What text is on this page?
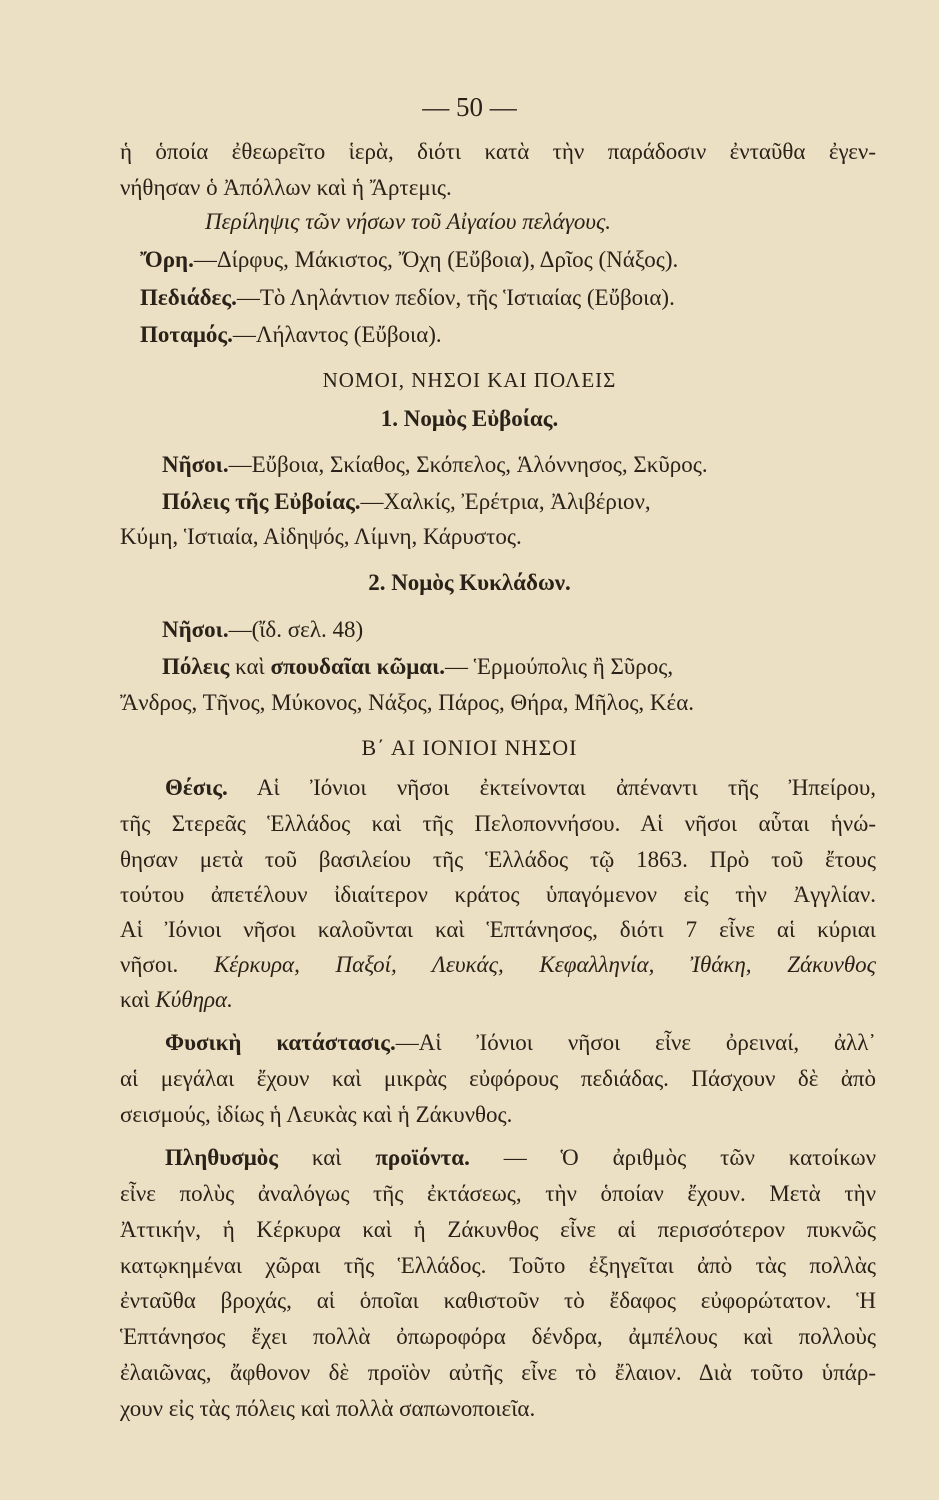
— 50 —
ἡ ὁποία ἐθεωρεῖτο ἱερὰ, διότι κατὰ τὴν παράδοσιν ἐνταῦθα ἐγεν-
νήθησαν ὁ Ἀπόλλων καὶ ἡ Ἄρτεμις.
Περίληψις τῶν νήσων τοῦ Αἰγαίου πελάγους.
Ὄρη.—Δίρφυς, Μάκιστος, Ὄχη (Εὔβοια), Δρῖος (Νάξος).
Πεδιάδες.—Τὸ Ληλάντιον πεδίον, τῆς Ἱστιαίας (Εὔβοια).
Ποταμός.—Λήλαντος (Εὔβοια).
ΝΟΜΟΙ, ΝΗΣΟΙ ΚΑΙ ΠΟΛΕΙΣ
1. Νομὸς Εὐβοίας.
Νῆσοι.—Εὔβοια, Σκίαθος, Σκόπελος, Ἁλόννησος, Σκῦρος.
Πόλεις τῆς Εὐβοίας.—Χαλκίς, Ἐρέτρια, Ἀλιβέριον,
Κύμη, Ἱστιαία, Αἰδηψός, Λίμνη, Κάρυστος.
2. Νομὸς Κυκλάδων.
Νῆσοι.—(ἴδ. σελ. 48)
Πόλεις καὶ σπουδαῖαι κῶμαι.— Ἑρμούπολις ἢ Σῦρος,
Ἄνδρος, Τῆνος, Μύκονος, Νάξος, Πάρος, Θήρα, Μῆλος, Κέα.
Β΄ ΑΙ ΙΟΝΙΟΙ ΝΗΣΟΙ
Θέσις. Αἱ Ἰόνιοι νῆσοι ἐκτείνονται ἀπέναντι τῆς Ἠπείρου,
τῆς Στερεᾶς Ἑλλάδος καὶ τῆς Πελοποννήσου. Αἱ νῆσοι αὗται ἡνώ-
θησαν μετὰ τοῦ βασιλείου τῆς Ἑλλάδος τῷ 1863. Πρὸ τοῦ ἔτους
τούτου ἀπετέλουν ἰδιαίτερον κράτος ὑπαγόμενον εἰς τὴν Ἀγγλίαν.
Αἱ Ἰόνιοι νῆσοι καλοῦνται καὶ Ἑπτάνησος, διότι 7 εἶνε αἱ κύριαι
νῆσοι. Κέρκυρα, Παξοί, Λευκάς, Κεφαλληνία, Ἰθάκη, Ζάκυνθος
καὶ Κύθηρα.
Φυσικὴ κατάστασις.—Αἱ Ἰόνιοι νῆσοι εἶνε ὀρειναί, ἀλλ᾽
αἱ μεγάλαι ἔχουν καὶ μικρὰς εὐφόρους πεδιάδας. Πάσχουν δὲ ἀπὸ
σεισμούς, ἰδίως ἡ Λευκὰς καὶ ἡ Ζάκυνθος.
Πληθυσμὸς καὶ προϊόντα. — Ὁ ἀριθμὸς τῶν κατοίκων
εἶνε πολὺς ἀναλόγως τῆς ἐκτάσεως, τὴν ὁποίαν ἔχουν. Μετὰ τὴν
Ἀττικήν, ἡ Κέρκυρα καὶ ἡ Ζάκυνθος εἶνε αἱ περισσότερον πυκνῶς
κατῳκημέναι χῶραι τῆς Ἑλλάδος. Τοῦτο ἐξηγεῖται ἀπὸ τὰς πολλὰς
ἐνταῦθα βροχάς, αἱ ὁποῖαι καθιστοῦν τὸ ἔδαφος εὐφορώτατον. Ἡ
Ἑπτάνησος ἔχει πολλὰ ὀπωροφόρα δένδρα, ἀμπέλους καὶ πολλοὺς
ἐλαιῶνας, ἄφθονον δὲ προϊὸν αὐτῆς εἶνε τὸ ἔλαιον. Διὰ τοῦτο ὑπάρ-
χουν εἰς τὰς πόλεις καὶ πολλὰ σαπωνοποιεῖα.
